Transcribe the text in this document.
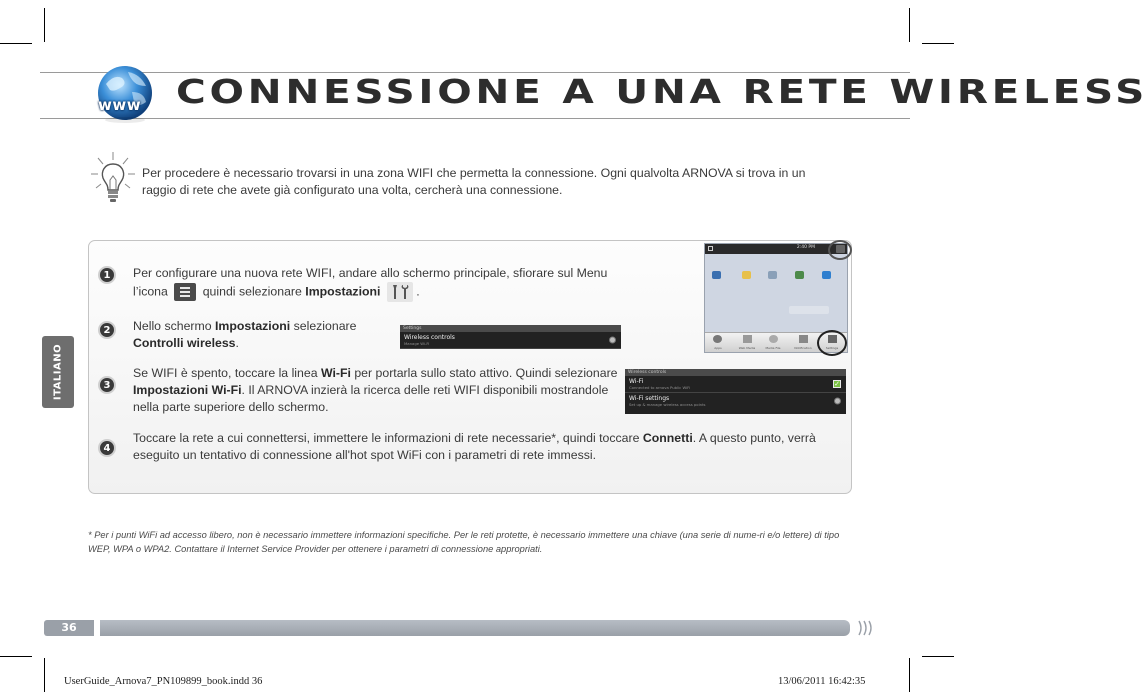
www CONNESSIONE A UNA RETE WIRELESS
Per procedere è necessario trovarsi in una zona WIFI che permetta la connessione. Ogni qualvolta ARNOVA si trova in un raggio di rete che avete già configurato una volta, cercherà una connessione.
1	Per configurare una nuova rete WIFI, andare allo schermo principale, sfiorare sul Menu l’icona	quindi selezionare Impostazioni	.
2	Nello schermo Impostazioni selezionare Controlli wireless.
Settings
Wireless controls
Manage Wi-Fi
3
Se WIFI è spento, toccare la linea Wi-Fi per portarla sullo stato attivo. Quindi selezionare Impostazioni Wi-Fi. Il ARNOVA inzierà la ricerca delle reti WIFI disponibili mostrandole nella parte superiore dello schermo.
Wireless controls
Wi-Fi
Connected to arnova Public WiFi	✓
Wi-Fi settings
Set up & manage wireless access points
2:40 PM
Apps	Web Media	Media File	Notification	Settings
4
Toccare la rete a cui connettersi, immettere le informazioni di rete necessarie*, quindi toccare Connetti. A questo punto, verrà eseguito un tentativo di connessione all'hot spot WiFi con i parametri di rete immessi.
* Per i punti WiFi ad accesso libero, non è necessario immettere informazioni specifiche. Per le reti protette, è necessario immettere una chiave (una serie di nume-ri e/o lettere) di tipo WEP, WPA o WPA2. Contattare il Internet Service Provider per ottenere i parametri di connessione appropriati.
ITALIANO
36
UserGuide_Arnova7_PN109899_book.indd 36	13/06/2011 16:42:35
